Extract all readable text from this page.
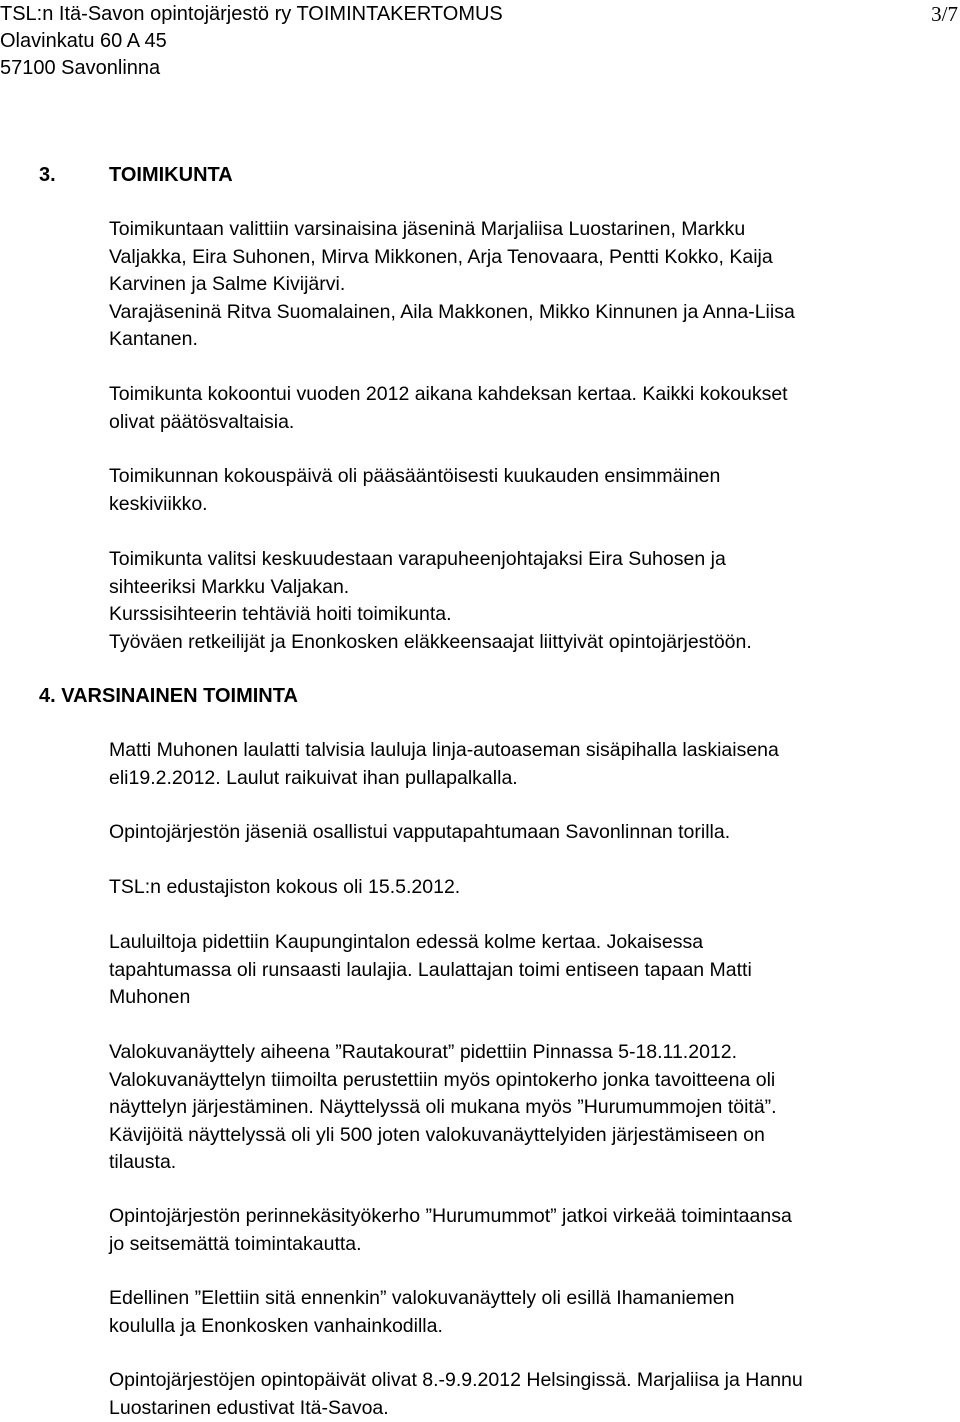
TSL:n Itä-Savon opintojärjestö ry TOIMINTAKERTOMUS	3/7
Olavinkatu 60 A 45
57100 Savonlinna
3.	TOIMIKUNTA
Toimikuntaan valittiin varsinaisina jäseninä Marjaliisa Luostarinen, Markku
Valjakka, Eira Suhonen, Mirva Mikkonen, Arja Tenovaara, Pentti Kokko, Kaija
Karvinen ja Salme Kivijärvi.
Varajäseninä Ritva Suomalainen, Aila Makkonen, Mikko Kinnunen ja Anna-Liisa
Kantanen.
Toimikunta kokoontui vuoden 2012 aikana kahdeksan kertaa. Kaikki kokoukset
olivat päätösvaltaisia.
Toimikunnan kokouspäivä oli pääsääntöisesti kuukauden ensimmäinen
keskiviikko.
Toimikunta valitsi keskuudestaan varapuheenjohtajaksi Eira Suhosen ja
sihteeriksi Markku Valjakan.
Kurssisihteerin tehtäviä hoiti toimikunta.
Työväen retkeilijät ja Enonkosken eläkkeensaajat liittyivät opintojärjestöön.
4. VARSINAINEN TOIMINTA
Matti Muhonen laulatti talvisia lauluja linja-autoaseman sisäpihalla laskiaisena
eli19.2.2012. Laulut raikuivat ihan pullapalkalla.
Opintojärjestön jäseniä osallistui vapputapahtumaan Savonlinnan torilla.
TSL:n edustajiston kokous oli 15.5.2012.
Lauluiltoja pidettiin Kaupungintalon edessä kolme kertaa. Jokaisessa
tapahtumassa oli runsaasti laulajia. Laulattajan toimi entiseen tapaan Matti
Muhonen
Valokuvanäyttely aiheena ”Rautakourat” pidettiin Pinnassa 5-18.11.2012.
Valokuvanäyttelyn tiimoilta perustettiin myös opintokerho jonka tavoitteena oli
näyttelyn järjestäminen. Näyttelyssä oli mukana myös ”Hurumummojen töitä”.
Kävijöitä näyttelyssä oli yli 500 joten valokuvanäyttelyiden järjestämiseen on
tilausta.
Opintojärjestön perinnekäsityökerho ”Hurumummot” jatkoi virkeää toimintaansa
jo seitsemättä toimintakautta.
Edellinen ”Elettiin sitä ennenkin” valokuvanäyttely oli esillä Ihamaniemen
koululla ja Enonkosken vanhainkodilla.
Opintojärjestöjen opintopäivät olivat 8.-9.9.2012 Helsingissä. Marjaliisa ja Hannu
Luostarinen edustivat Itä-Savoa.
